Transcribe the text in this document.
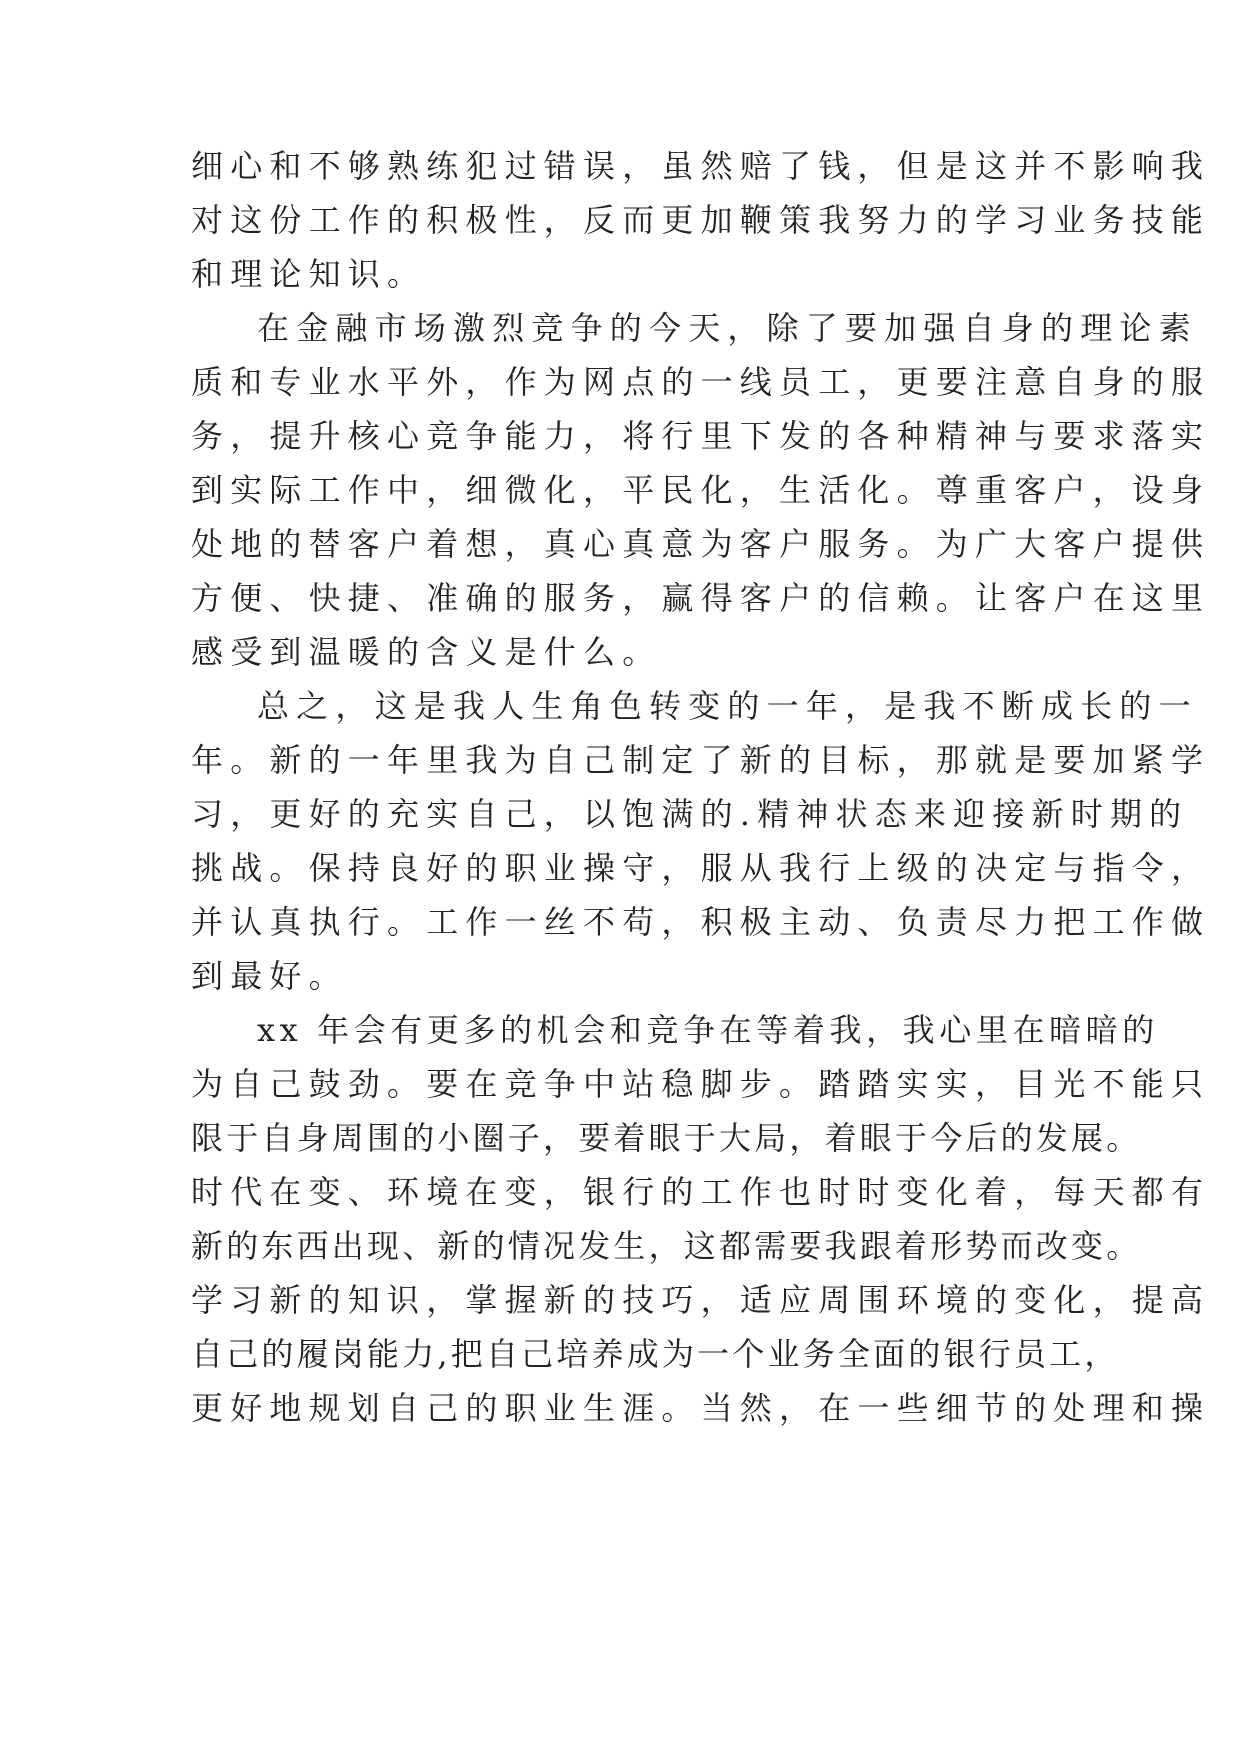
细心和不够熟练犯过错误，虽然赔了钱，但是这并不影响我
对这份工作的积极性，反而更加鞭策我努力的学习业务技能
和理论知识。
在金融市场激烈竞争的今天，除了要加强自身的理论素
质和专业水平外，作为网点的一线员工，更要注意自身的服
务，提升核心竞争能力，将行里下发的各种精神与要求落实
到实际工作中，细微化，平民化，生活化。尊重客户，设身
处地的替客户着想，真心真意为客户服务。为广大客户提供
方便、快捷、准确的服务，赢得客户的信赖。让客户在这里
感受到温暖的含义是什么。
总之，这是我人生角色转变的一年，是我不断成长的一
年。新的一年里我为自己制定了新的目标，那就是要加紧学
习，更好的充实自己，以饱满的.精神状态来迎接新时期的
挑战。保持良好的职业操守，服从我行上级的决定与指令，
并认真执行。工作一丝不苟，积极主动、负责尽力把工作做
到最好。
xx 年会有更多的机会和竞争在等着我，我心里在暗暗的
为自己鼓劲。要在竞争中站稳脚步。踏踏实实，目光不能只
限于自身周围的小圈子，要着眼于大局，着眼于今后的发展。
时代在变、环境在变，银行的工作也时时变化着，每天都有
新的东西出现、新的情况发生，这都需要我跟着形势而改变。
学习新的知识，掌握新的技巧，适应周围环境的变化，提高
自己的履岗能力,把自己培养成为一个业务全面的银行员工，
更好地规划自己的职业生涯。当然，在一些细节的处理和操
